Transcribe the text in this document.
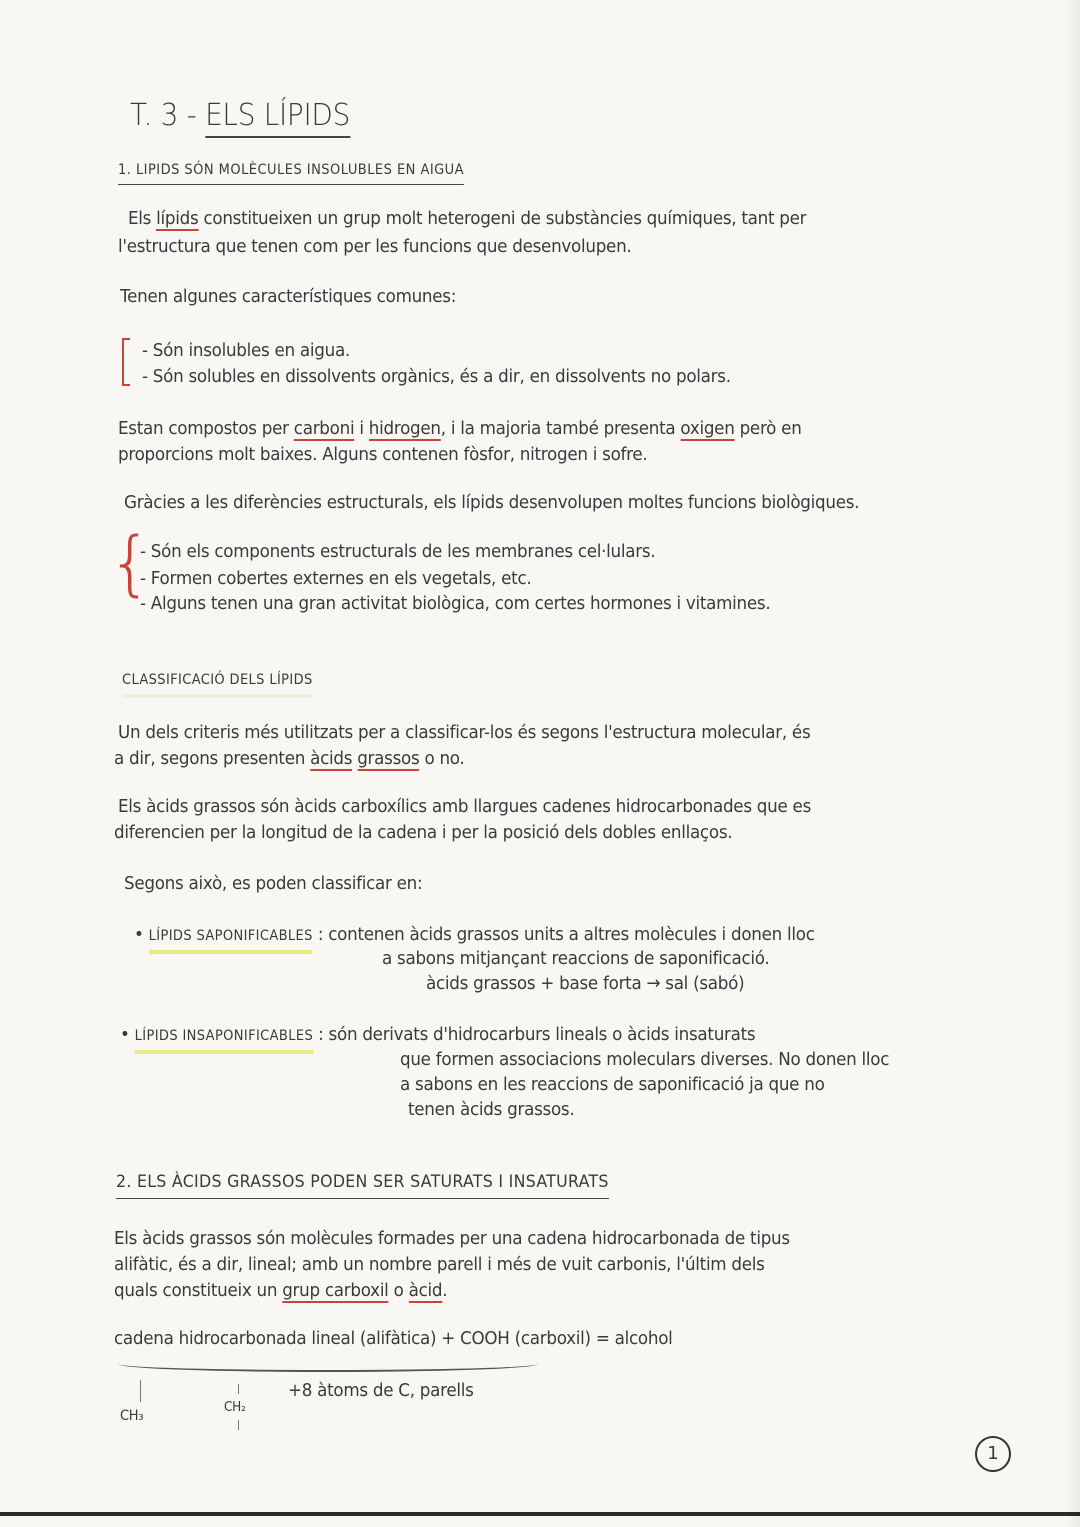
T. 3 - ELS LÍPIDS
1. LIPIDS SÓN MOLÈCULES INSOLUBLES EN AIGUA
Els lípids constitueixen un grup molt heterogeni de substàncies químiques, tant per
l'estructura que tenen com per les funcions que desenvolupen.
Tenen algunes característiques comunes:
- Són insolubles en aigua.
- Són solubles en dissolvents orgànics, és a dir, en dissolvents no polars.
Estan compostos per carboni i hidrogen, i la majoria també presenta oxigen però en
proporcions molt baixes. Alguns contenen fòsfor, nitrogen i sofre.
Gràcies a les diferències estructurals, els lípids desenvolupen moltes funcions biològiques.
{
- Són els components estructurals de les membranes cel·lulars.
- Formen cobertes externes en els vegetals, etc.
- Alguns tenen una gran activitat biològica, com certes hormones i vitamines.
CLASSIFICACIÓ DELS LÍPIDS
Un dels criteris més utilitzats per a classificar-los és segons l'estructura molecular, és
a dir, segons presenten àcids grassos o no.
Els àcids grassos són àcids carboxílics amb llargues cadenes hidrocarbonades que es
diferencien per la longitud de la cadena i per la posició dels dobles enllaços.
Segons això, es poden classificar en:
• LÍPIDS SAPONIFICABLES : contenen àcids grassos units a altres molècules i donen lloc
a sabons mitjançant reaccions de saponificació.
àcids grassos + base forta → sal (sabó)
• LÍPIDS INSAPONIFICABLES : són derivats d'hidrocarburs lineals o àcids insaturats
que formen associacions moleculars diverses. No donen lloc
a sabons en les reaccions de saponificació ja que no
tenen àcids grassos.
2. ELS ÀCIDS GRASSOS PODEN SER SATURATS I INSATURATS
Els àcids grassos són molècules formades per una cadena hidrocarbonada de tipus
alifàtic, és a dir, lineal; amb un nombre parell i més de vuit carbonis, l'últim dels
quals constitueix un grup carboxil o àcid.
cadena hidrocarbonada lineal (alifàtica) + COOH (carboxil) = alcohol
+8 àtoms de C, parells
CH₃
CH₂
1
